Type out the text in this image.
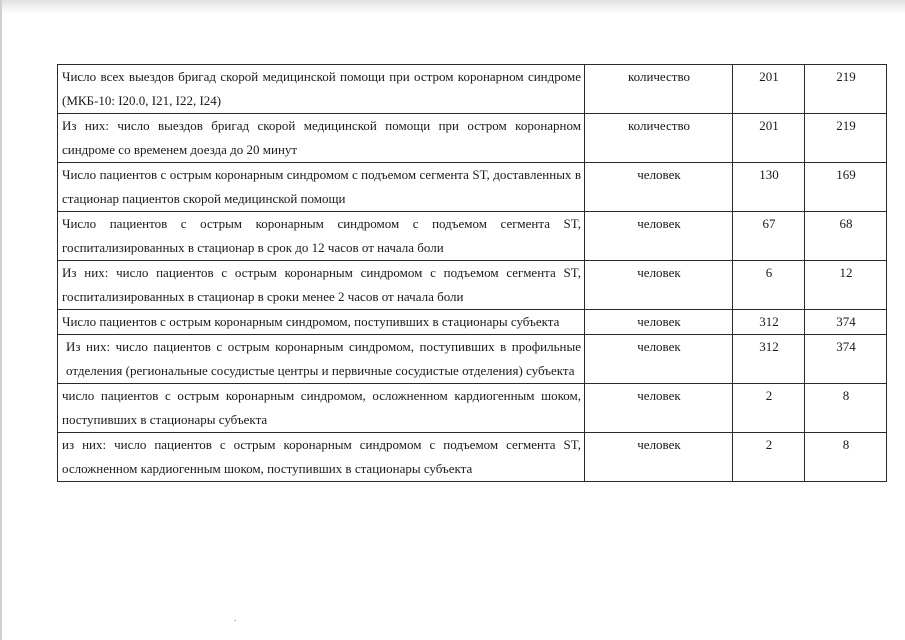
Число всех выездов бригад скорой медицинской помощи при остром коронарном синдроме (МКБ-10: I20.0, I21, I22, I24)	количество	201	219
Из них: число выездов бригад скорой медицинской помощи при остром коронарном синдроме со временем доезда до 20 минут	количество	201	219
Число пациентов с острым коронарным синдромом с подъемом сегмента ST, доставленных в стационар пациентов скорой медицинской помощи	человек	130	169
Число пациентов с острым коронарным синдромом с подъемом сегмента ST, госпитализированных в стационар в срок до 12 часов от начала боли	человек	67	68
Из них: число пациентов с острым коронарным синдромом с подъемом сегмента ST, госпитализированных в стационар в сроки менее 2 часов от начала боли	человек	6	12
Число пациентов с острым коронарным синдромом, поступивших в стационары субъекта	человек	312	374
Из них: число пациентов с острым коронарным синдромом, поступивших в профильные отделения (региональные сосудистые центры и первичные сосудистые отделения) субъекта	человек	312	374
число пациентов с острым коронарным синдромом, осложненном кардиогенным шоком, поступивших в стационары субъекта	человек	2	8
из них: число пациентов с острым коронарным синдромом с подъемом сегмента ST, осложненном кардиогенным шоком, поступивших в стационары субъекта	человек	2	8
.
